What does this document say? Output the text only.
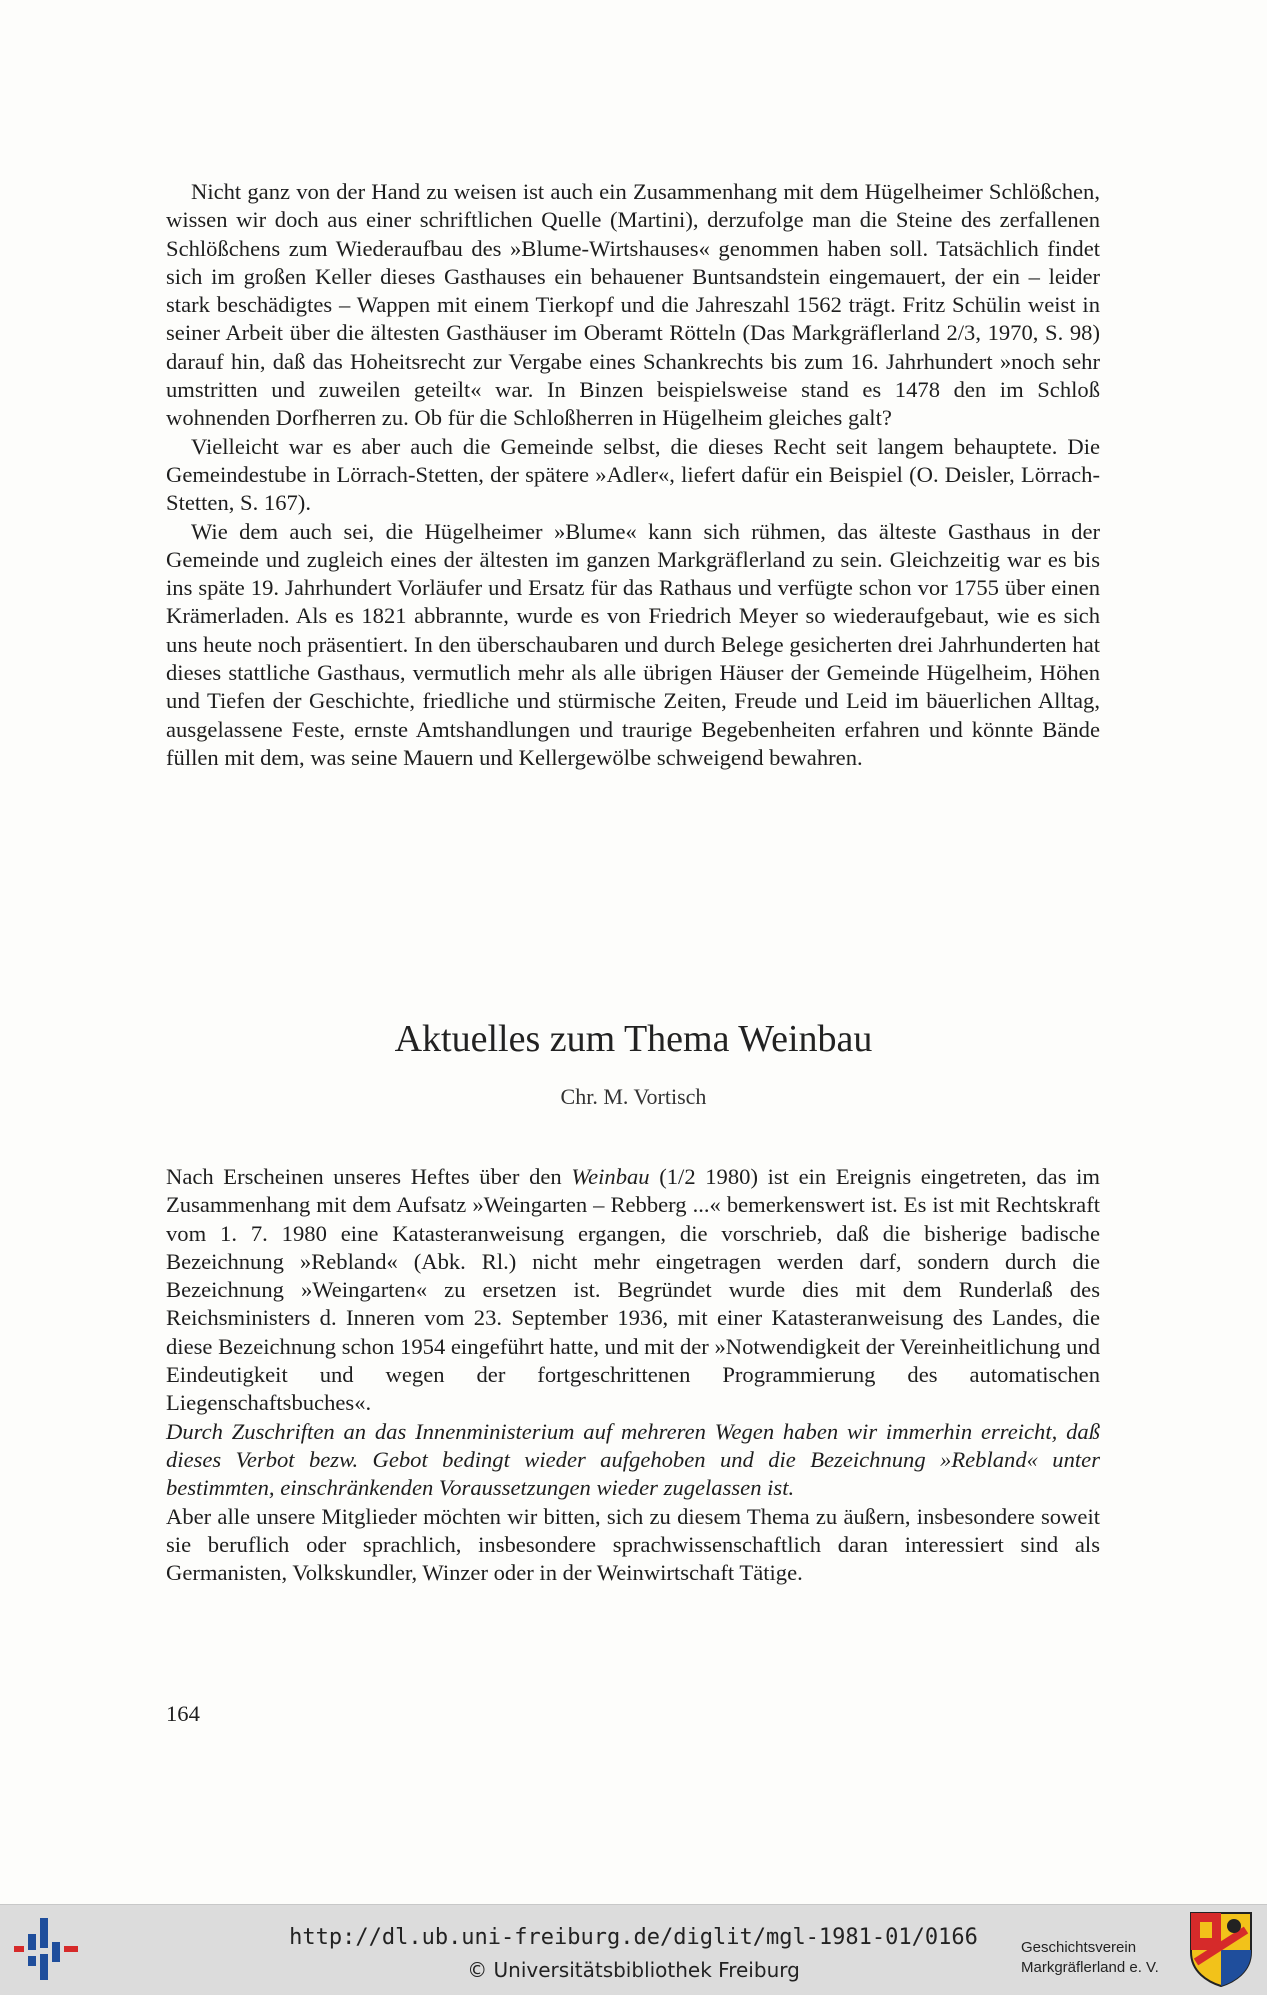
Nicht ganz von der Hand zu weisen ist auch ein Zusammenhang mit dem Hügelheimer Schlößchen, wissen wir doch aus einer schriftlichen Quelle (Martini), derzufolge man die Steine des zerfallenen Schlößchens zum Wiederaufbau des »Blume-Wirtshauses« genommen haben soll. Tatsächlich findet sich im großen Keller dieses Gasthauses ein behauener Buntsandstein eingemauert, der ein – leider stark beschädigtes – Wappen mit einem Tierkopf und die Jahreszahl 1562 trägt. Fritz Schülin weist in seiner Arbeit über die ältesten Gasthäuser im Oberamt Rötteln (Das Markgräflerland 2/3, 1970, S. 98) darauf hin, daß das Hoheitsrecht zur Vergabe eines Schankrechts bis zum 16. Jahrhundert »noch sehr umstritten und zuweilen geteilt« war. In Binzen beispielsweise stand es 1478 den im Schloß wohnenden Dorfherren zu. Ob für die Schloßherren in Hügelheim gleiches galt?

Vielleicht war es aber auch die Gemeinde selbst, die dieses Recht seit langem behauptete. Die Gemeindestube in Lörrach-Stetten, der spätere »Adler«, liefert dafür ein Beispiel (O. Deisler, Lörrach-Stetten, S. 167).

Wie dem auch sei, die Hügelheimer »Blume« kann sich rühmen, das älteste Gasthaus in der Gemeinde und zugleich eines der ältesten im ganzen Markgräflerland zu sein. Gleichzeitig war es bis ins späte 19. Jahrhundert Vorläufer und Ersatz für das Rathaus und verfügte schon vor 1755 über einen Krämerladen. Als es 1821 abbrannte, wurde es von Friedrich Meyer so wiederaufgebaut, wie es sich uns heute noch präsentiert. In den überschaubaren und durch Belege gesicherten drei Jahrhunderten hat dieses stattliche Gasthaus, vermutlich mehr als alle übrigen Häuser der Gemeinde Hügelheim, Höhen und Tiefen der Geschichte, friedliche und stürmische Zeiten, Freude und Leid im bäuerlichen Alltag, ausgelassene Feste, ernste Amtshandlungen und traurige Begebenheiten erfahren und könnte Bände füllen mit dem, was seine Mauern und Kellergewölbe schweigend bewahren.

Aktuelles zum Thema Weinbau
Chr. M. Vortisch

Nach Erscheinen unseres Heftes über den Weinbau (1/2 1980) ist ein Ereignis eingetreten, das im Zusammenhang mit dem Aufsatz »Weingarten – Rebberg ...« bemerkenswert ist. Es ist mit Rechtskraft vom 1. 7. 1980 eine Katasteranweisung ergangen, die vorschrieb, daß die bisherige badische Bezeichnung »Rebland« (Abk. Rl.) nicht mehr eingetragen werden darf, sondern durch die Bezeichnung »Weingarten« zu ersetzen ist. Begründet wurde dies mit dem Runderlaß des Reichsministers d. Inneren vom 23. September 1936, mit einer Katasteranweisung des Landes, die diese Bezeichnung schon 1954 eingeführt hatte, und mit der »Notwendigkeit der Vereinheitlichung und Eindeutigkeit und wegen der fortgeschrittenen Programmierung des automatischen Liegenschaftsbuches«.

Durch Zuschriften an das Innenministerium auf mehreren Wegen haben wir immerhin erreicht, daß dieses Verbot bezw. Gebot bedingt wieder aufgehoben und die Bezeichnung »Rebland« unter bestimmten, einschränkenden Voraussetzungen wieder zugelassen ist.

Aber alle unsere Mitglieder möchten wir bitten, sich zu diesem Thema zu äußern, insbesondere soweit sie beruflich oder sprachlich, insbesondere sprachwissenschaftlich daran interessiert sind als Germanisten, Volkskundler, Winzer oder in der Weinwirtschaft Tätige.

164
http://dl.ub.uni-freiburg.de/diglit/mgl-1981-01/0166
© Universitätsbibliothek Freiburg
Geschichtsverein
Markgräflerland e. V.
